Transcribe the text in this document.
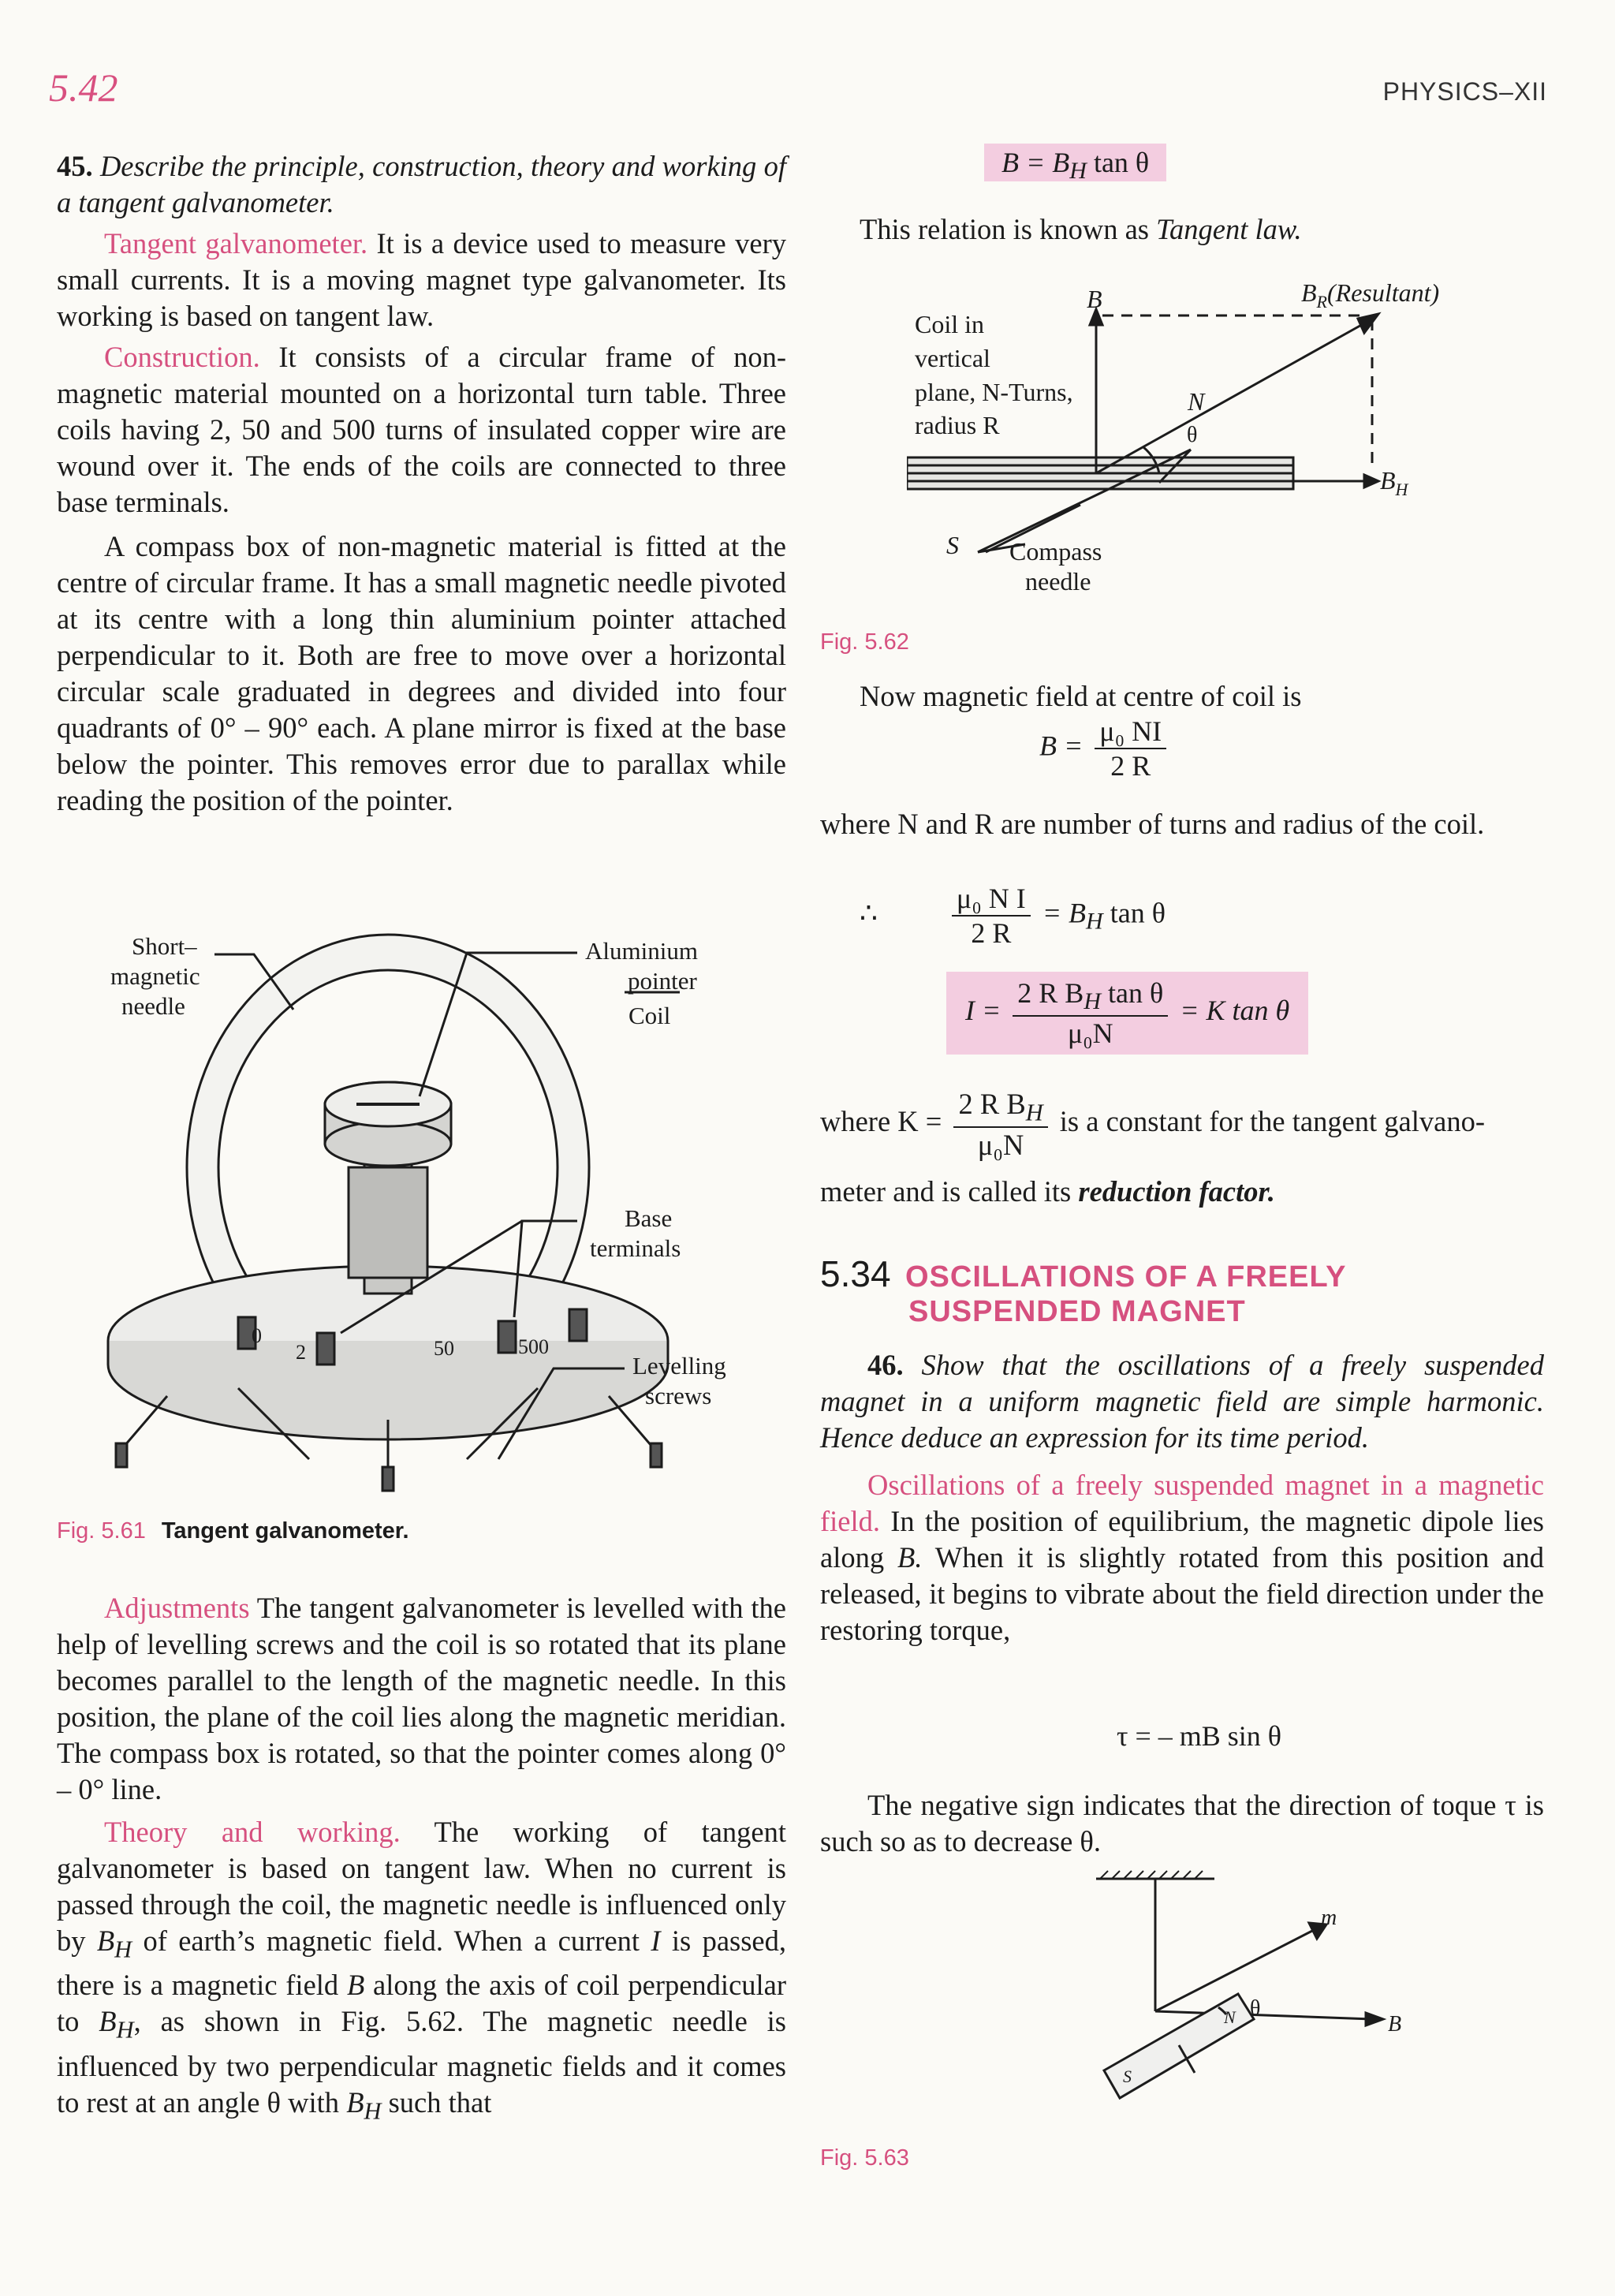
5.42	PHYSICS–XII

45. Describe the principle, construction, theory and working of a tangent galvanometer.

Tangent galvanometer. It is a device used to measure very small currents. It is a moving magnet type galvanometer. Its working is based on tangent law.

Construction. It consists of a circular frame of non-magnetic material mounted on a horizontal turn table. Three coils having 2, 50 and 500 turns of insulated copper wire are wound over it. The ends of the coils are connected to three base terminals.

A compass box of non-magnetic material is fitted at the centre of circular frame. It has a small magnetic needle pivoted at its centre with a long thin aluminium pointer attached perpendicular to it. Both are free to move over a horizontal circular scale graduated in degrees and divided into four quadrants of 0° – 90° each. A plane mirror is fixed at the base below the pointer. This removes error due to parallax while reading the position of the pointer.

Short–
magnetic
needle
Aluminium
pointer
Coil
Base
terminals
Levelling
screws
0
2	50	500
Fig. 5.61 Tangent galvanometer.

Adjustments The tangent galvanometer is levelled with the help of levelling screws and the coil is so rotated that its plane becomes parallel to the length of the magnetic needle. In this position, the plane of the coil lies along the magnetic meridian. The compass box is rotated, so that the pointer comes along 0° – 0° line.

Theory and working. The working of tangent galvanometer is based on tangent law. When no current is passed through the coil, the magnetic needle is influenced only by $B_H$ of earth’s magnetic field. When a current I is passed, there is a magnetic field B along the axis of coil perpendicular to $B_H$, as shown in Fig. 5.62. The magnetic needle is influenced by two perpendicular magnetic fields and it comes to rest at an angle θ with $B_H$ such that

$B = B_H$ tan θ

This relation is known as Tangent law.

Coil in
vertical
plane, N-Turns,
radius R
B	$B_R(Resultant)$
N
θ
$B_H$
S Compass
needle
Fig. 5.62

Now magnetic field at centre of coil is

$B = \frac{\text{μ₀ NI}}{2 R}$

where N and R are number of turns and radius of the coil.

∴	$\frac{\text{μ₀ N I}}{2 R} = B_H$ tan θ
$I = \frac{2 R B_H \tan \theta}{\text{μ₀N}} = K$ tan θ
where $K = \frac{2 R B_H}{\text{μ₀N}}$ is a constant for the tangent galvano-

meter and is called its reduction factor.

5.34 OSCILLATIONS OF A FREELY
SUSPENDED MAGNET

46. Show that the oscillations of a freely suspended magnet in a uniform magnetic field are simple harmonic. Hence deduce an expression for its time period.

Oscillations of a freely suspended magnet in a magnetic field. In the position of equilibrium, the magnetic dipole lies along B. When it is slightly rotated from this position and released, it begins to vibrate about the field direction under the restoring torque,

τ = – mB sin θ

The negative sign indicates that the direction of toque τ is such so as to decrease θ.

m
B
θ
N
S
Fig. 5.63
